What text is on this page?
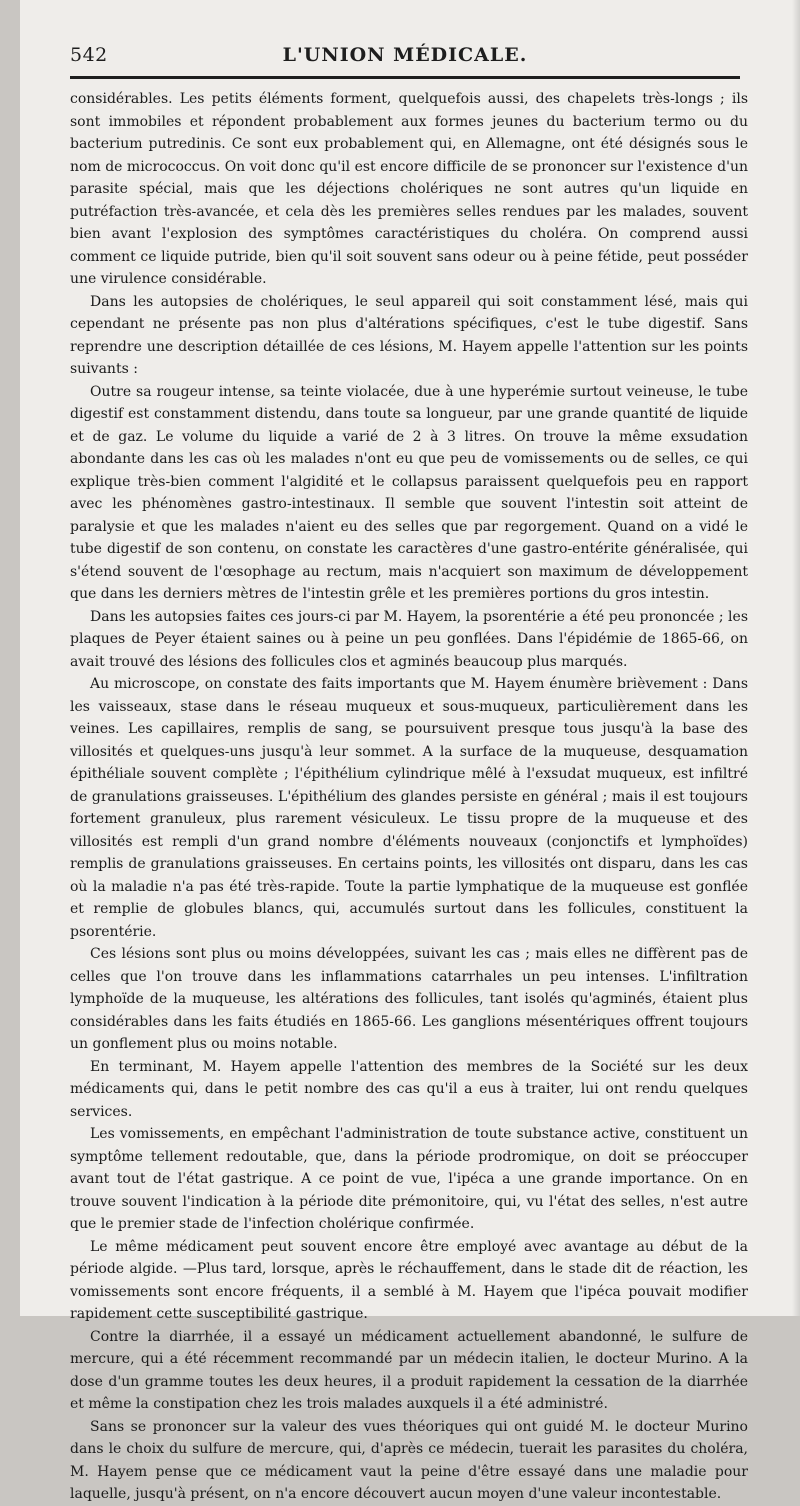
542	L'UNION MÉDICALE.

considérables. Les petits éléments forment, quelquefois aussi, des chapelets très-longs ; ils sont immobiles et répondent probablement aux formes jeunes du bacterium termo ou du bacterium putredinis. Ce sont eux probablement qui, en Allemagne, ont été désignés sous le nom de micrococcus. On voit donc qu'il est encore difficile de se prononcer sur l'existence d'un parasite spécial, mais que les déjections cholériques ne sont autres qu'un liquide en putréfaction très-avancée, et cela dès les premières selles rendues par les malades, souvent bien avant l'explosion des symptômes caractéristiques du choléra. On comprend aussi comment ce liquide putride, bien qu'il soit souvent sans odeur ou à peine fétide, peut posséder une virulence considérable.

Dans les autopsies de cholériques, le seul appareil qui soit constamment lésé, mais qui cependant ne présente pas non plus d'altérations spécifiques, c'est le tube digestif. Sans reprendre une description détaillée de ces lésions, M. Hayem appelle l'attention sur les points suivants :

Outre sa rougeur intense, sa teinte violacée, due à une hyperémie surtout veineuse, le tube digestif est constamment distendu, dans toute sa longueur, par une grande quantité de liquide et de gaz. Le volume du liquide a varié de 2 à 3 litres. On trouve la même exsudation abondante dans les cas où les malades n'ont eu que peu de vomissements ou de selles, ce qui explique très-bien comment l'algidité et le collapsus paraissent quelquefois peu en rapport avec les phénomènes gastro-intestinaux. Il semble que souvent l'intestin soit atteint de paralysie et que les malades n'aient eu des selles que par regorgement. Quand on a vidé le tube digestif de son contenu, on constate les caractères d'une gastro-entérite généralisée, qui s'étend souvent de l'œsophage au rectum, mais n'acquiert son maximum de développement que dans les derniers mètres de l'intestin grêle et les premières portions du gros intestin.

Dans les autopsies faites ces jours-ci par M. Hayem, la psorentérie a été peu prononcée ; les plaques de Peyer étaient saines ou à peine un peu gonflées. Dans l'épidémie de 1865-66, on avait trouvé des lésions des follicules clos et agminés beaucoup plus marqués.

Au microscope, on constate des faits importants que M. Hayem énumère brièvement : Dans les vaisseaux, stase dans le réseau muqueux et sous-muqueux, particulièrement dans les veines. Les capillaires, remplis de sang, se poursuivent presque tous jusqu'à la base des villosités et quelques-uns jusqu'à leur sommet. A la surface de la muqueuse, desquamation épithéliale souvent complète ; l'épithélium cylindrique mêlé à l'exsudat muqueux, est infiltré de granulations graisseuses. L'épithélium des glandes persiste en général ; mais il est toujours fortement granuleux, plus rarement vésiculeux. Le tissu propre de la muqueuse et des villosités est rempli d'un grand nombre d'éléments nouveaux (conjonctifs et lymphoïdes) remplis de granulations graisseuses. En certains points, les villosités ont disparu, dans les cas où la maladie n'a pas été très-rapide. Toute la partie lymphatique de la muqueuse est gonflée et remplie de globules blancs, qui, accumulés surtout dans les follicules, constituent la psorentérie.

Ces lésions sont plus ou moins développées, suivant les cas ; mais elles ne diffèrent pas de celles que l'on trouve dans les inflammations catarrhales un peu intenses. L'infiltration lymphoïde de la muqueuse, les altérations des follicules, tant isolés qu'agminés, étaient plus considérables dans les faits étudiés en 1865-66. Les ganglions mésentériques offrent toujours un gonflement plus ou moins notable.

En terminant, M. Hayem appelle l'attention des membres de la Société sur les deux médicaments qui, dans le petit nombre des cas qu'il a eus à traiter, lui ont rendu quelques services.

Les vomissements, en empêchant l'administration de toute substance active, constituent un symptôme tellement redoutable, que, dans la période prodromique, on doit se préoccuper avant tout de l'état gastrique. A ce point de vue, l'ipéca a une grande importance. On en trouve souvent l'indication à la période dite prémonitoire, qui, vu l'état des selles, n'est autre que le premier stade de l'infection cholérique confirmée.

Le même médicament peut souvent encore être employé avec avantage au début de la période algide. —Plus tard, lorsque, après le réchauffement, dans le stade dit de réaction, les vomissements sont encore fréquents, il a semblé à M. Hayem que l'ipéca pouvait modifier rapidement cette susceptibilité gastrique.

Contre la diarrhée, il a essayé un médicament actuellement abandonné, le sulfure de mercure, qui a été récemment recommandé par un médecin italien, le docteur Murino. A la dose d'un gramme toutes les deux heures, il a produit rapidement la cessation de la diarrhée et même la constipation chez les trois malades auxquels il a été administré.

Sans se prononcer sur la valeur des vues théoriques qui ont guidé M. le docteur Murino dans le choix du sulfure de mercure, qui, d'après ce médecin, tuerait les parasites du choléra, M. Hayem pense que ce médicament vaut la peine d'être essayé dans une maladie pour laquelle, jusqu'à présent, on n'a encore découvert aucun moyen d'une valeur incontestable.
